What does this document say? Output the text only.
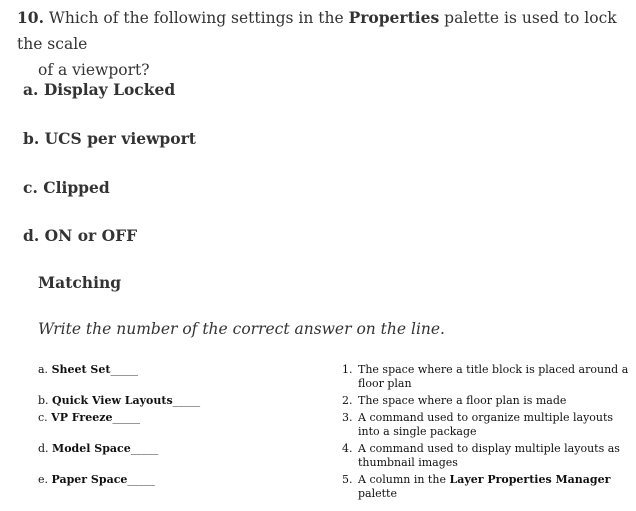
10. Which of the following settings in the Properties palette is used to lock the scale
of a viewport?
a. Display Locked
b. UCS per viewport
c. Clipped
d. ON or OFF
Matching
Write the number of the correct answer on the line.
a. Sheet Set_____
b. Quick View Layouts_____
c. VP Freeze_____
d. Model Space_____
e. Paper Space_____
1. The space where a title block is placed around a floor plan
2. The space where a floor plan is made
3. A command used to organize multiple layouts into a single package
4. A command used to display multiple layouts as thumbnail images
5. A column in the Layer Properties Manager palette
